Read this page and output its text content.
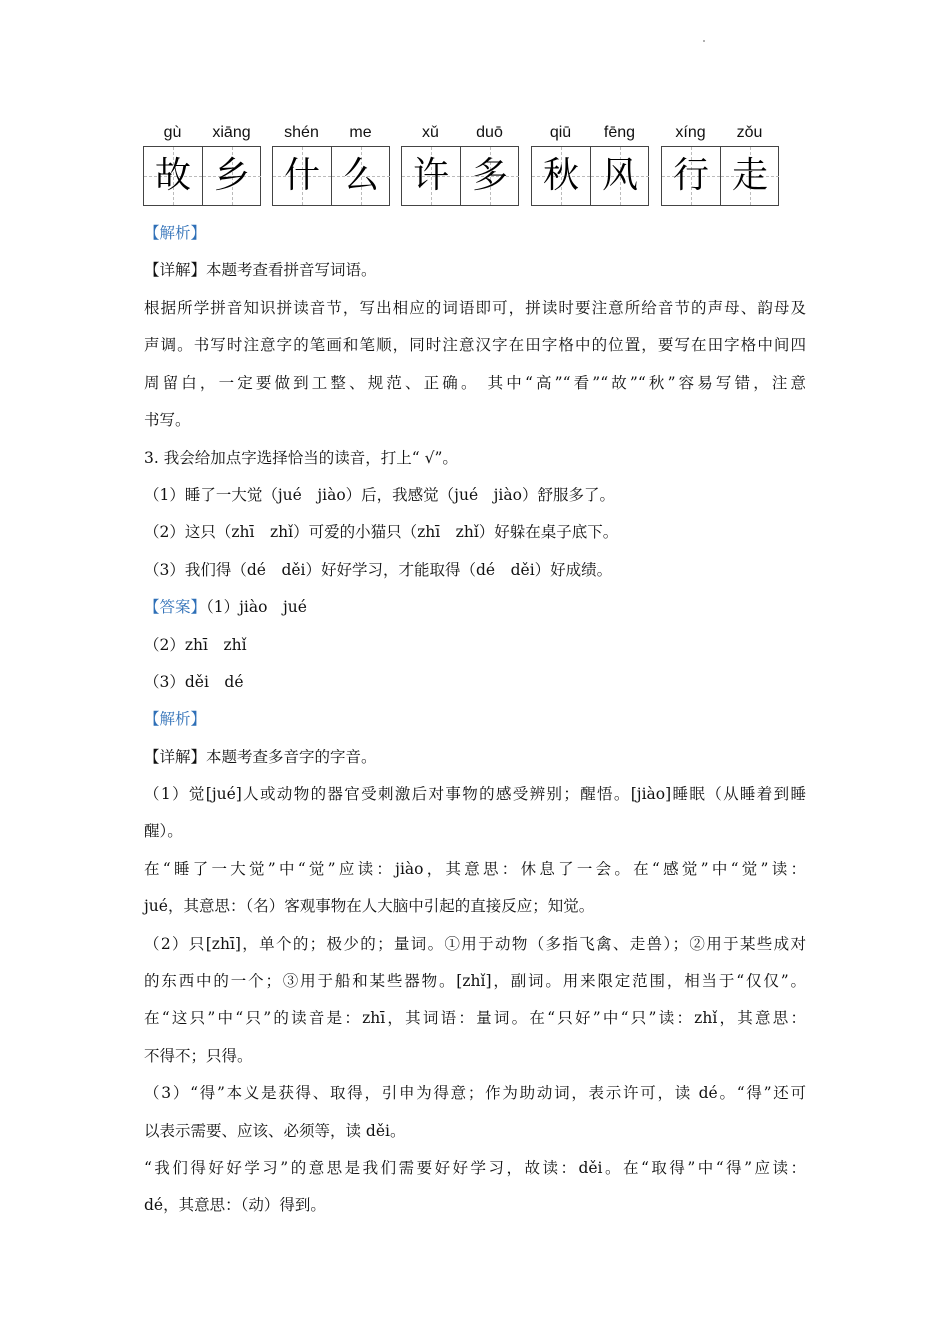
gù	xiāng
故 乡
shén	me
什 么
xǔ	duō
许 多
qiū	fēng
秋 风
xíng	zǒu
行 走
【解析】
【详解】本题考查看拼音写词语。
根据所学拼音知识拼读音节，写出相应的词语即可，拼读时要注意所给音节的声母、韵母及
声调。书写时注意字的笔画和笔顺，同时注意汉字在田字格中的位置，要写在田字格中间四
周留白，一定要做到工整、规范、正确。 其中“高”“看”“故”“秋”容易写错，注意
书写。
3. 我会给加点字选择恰当的读音，打上“ √”。
（1）睡了一大觉（jué　jiào）后，我感觉（jué　jiào）舒服多了。
（2）这只（zhī　zhǐ）可爱的小猫只（zhī　zhǐ）好躲在桌子底下。
（3）我们得（dé　děi）好好学习，才能取得（dé　děi）好成绩。
【答案】（1）jiào　jué
（2）zhī　zhǐ
（3）děi　dé
【解析】
【详解】本题考查多音字的字音。
（1）觉[jué]人或动物的器官受刺激后对事物的感受辨别；醒悟。[jiào]睡眠（从睡着到睡
醒）。
在“睡了一大觉”中“觉”应读：jiào，其意思：休息了一会。在“感觉”中“觉”读：
jué，其意思：（名）客观事物在人大脑中引起的直接反应；知觉。
（2）只[zhī]，单个的；极少的；量词。①用于动物（多指飞禽、走兽）；②用于某些成对
的东西中的一个；③用于船和某些器物。[zhǐ]，副词。用来限定范围，相当于“仅仅”。
在“这只”中“只”的读音是：zhī，其词语：量词。在“只好”中“只”读：zhǐ，其意思：
不得不；只得。
（3）“得”本义是获得、取得，引申为得意；作为助动词，表示许可，读 dé。“得”还可
以表示需要、应该、必须等，读 děi。
“我们得好好学习”的意思是我们需要好好学习，故读：děi。在“取得”中“得”应读：
dé，其意思：（动）得到。
